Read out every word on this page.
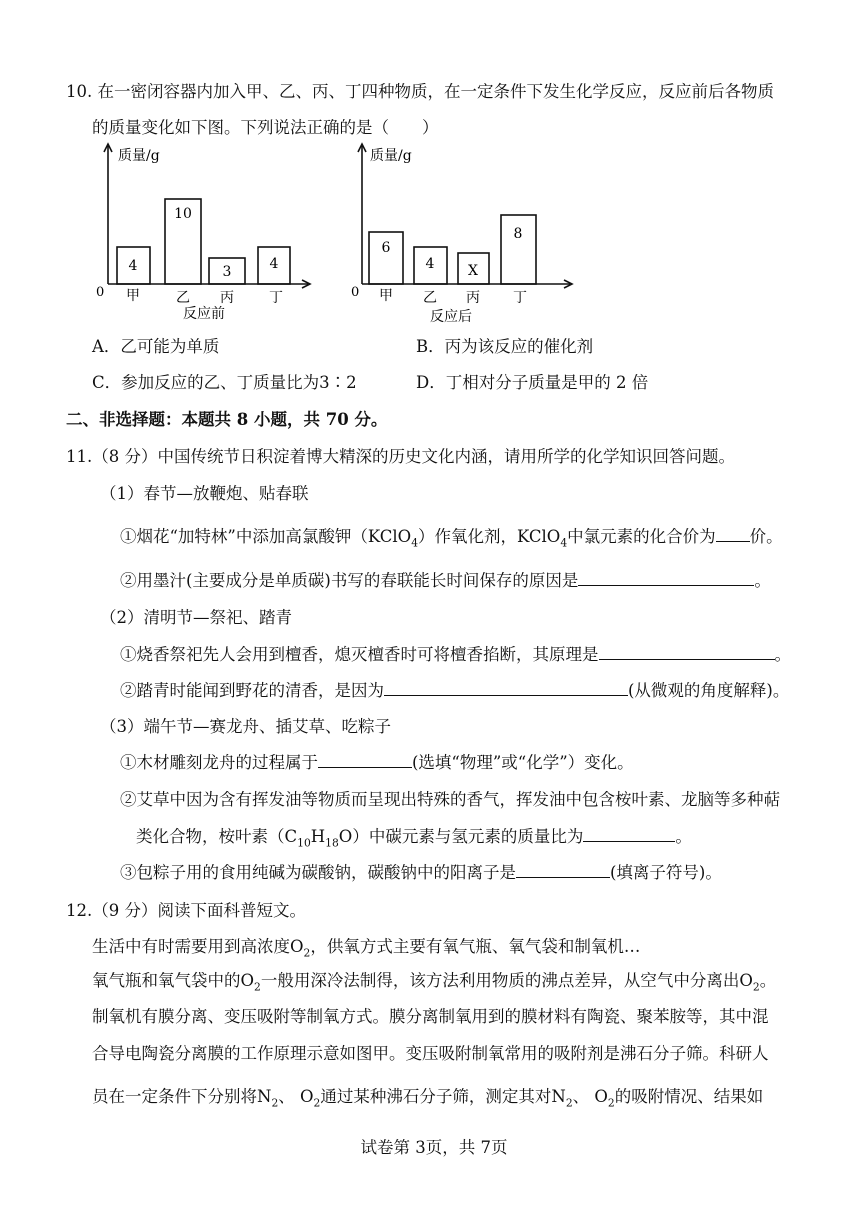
10. 在一密闭容器内加入甲、乙、丙、丁四种物质，在一定条件下发生化学反应，反应前后各物质
的质量变化如下图。下列说法正确的是（　　）
质量/g
0
4
10
3	4
甲	乙 丙	丁
反应前
质量/g
0
6
4 X
8
甲 乙 丙 丁
反应后
A．乙可能为单质	B．丙为该反应的催化剂
C．参加反应的乙、丁质量比为3∶2	D．丁相对分子质量是甲的 2 倍
二、非选择题：本题共 8 小题，共 70 分。
11.（8 分）中国传统节日积淀着博大精深的历史文化内涵，请用所学的化学知识回答问题。
（1）春节—放鞭炮、贴春联
①烟花“加特林”中添加高氯酸钾（KClO$_4$）作氧化剂，KClO$_4$中氯元素的化合价为 价。
②用墨汁(主要成分是单质碳)书写的春联能长时间保存的原因是	。
（2）清明节—祭祀、踏青
①烧香祭祀先人会用到檀香，熄灭檀香时可将檀香掐断，其原理是	。
②踏青时能闻到野花的清香，是因为	(从微观的角度解释)。
（3）端午节—赛龙舟、插艾草、吃粽子
①木材雕刻龙舟的过程属于	(选填“物理”或“化学”）变化。
②艾草中因为含有挥发油等物质而呈现出特殊的香气，挥发油中包含桉叶素、龙脑等多种萜
类化合物，桉叶素$(C_{10}H_{18}O)$中碳元素与氢元素的质量比为	。
③包粽子用的食用纯碱为碳酸钠，碳酸钠中的阳离子是	(填离子符号)。
12.（9 分）阅读下面科普短文。
生活中有时需要用到高浓度$O_2$，供氧方式主要有氧气瓶、氧气袋和制氧机…
氧气瓶和氧气袋中的$O_2$一般用深冷法制得，该方法利用物质的沸点差异，从空气中分离出$O_2$。
制氧机有膜分离、变压吸附等制氧方式。膜分离制氧用到的膜材料有陶瓷、聚苯胺等，其中混
合导电陶瓷分离膜的工作原理示意如图甲。变压吸附制氧常用的吸附剂是沸石分子筛。科研人
员在一定条件下分别将$N_2$、 $O_2$通过某种沸石分子筛，测定其对$N_2$、 $O_2$的吸附情况、结果如
试卷第 3页，共 7页
